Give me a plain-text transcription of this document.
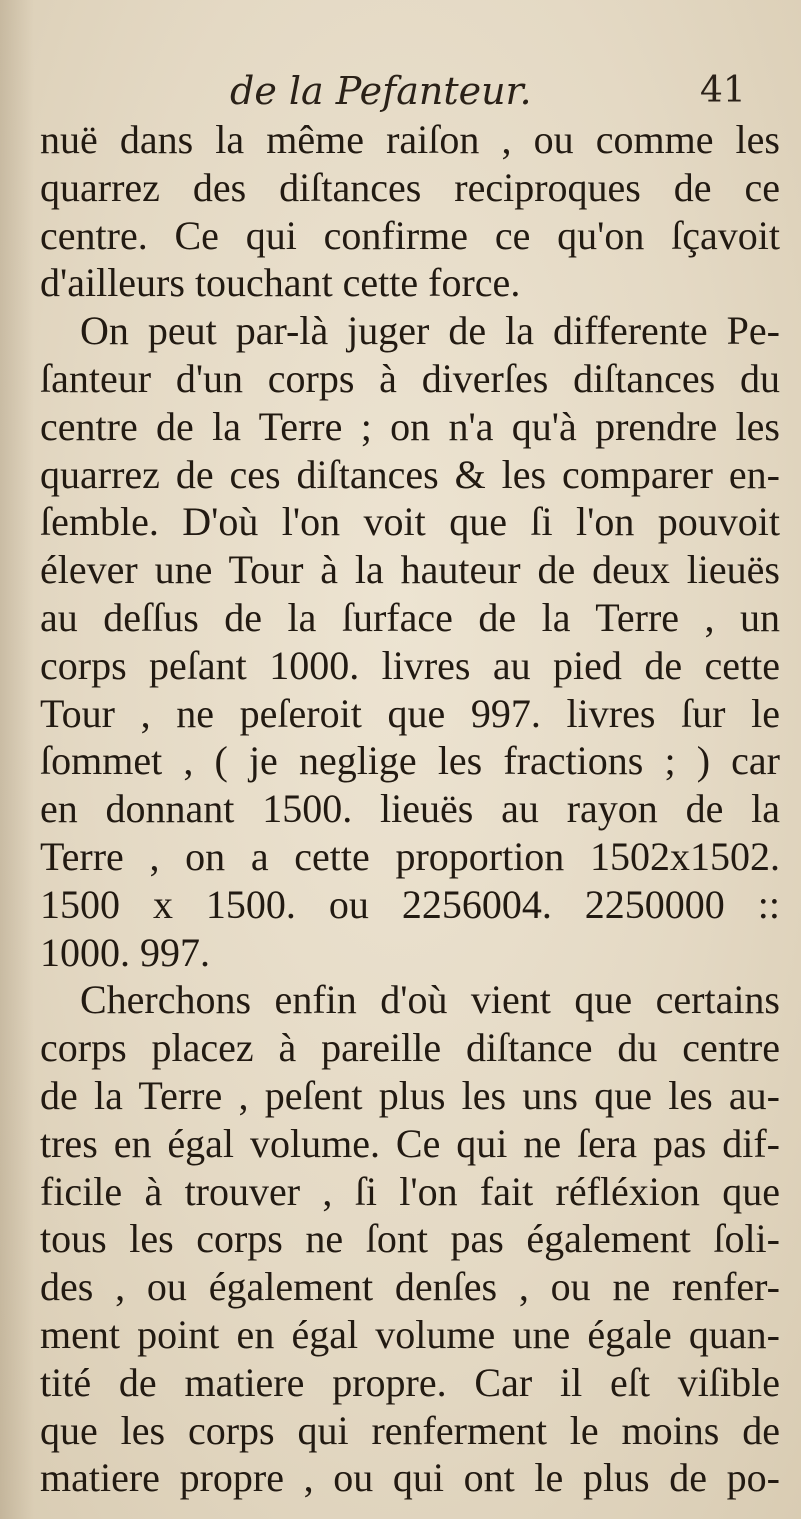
de la Pefanteur.	41
nuë dans la même raiſon , ou comme les
quarrez des diſtances reciproques de ce
centre. Ce qui confirme ce qu'on ſçavoit
d'ailleurs touchant cette force.
On peut par-là juger de la differente Pe-
ſanteur d'un corps à diverſes diſtances du
centre de la Terre ; on n'a qu'à prendre les
quarrez de ces diſtances & les comparer en-
ſemble. D'où l'on voit que ſi l'on pouvoit
élever une Tour à la hauteur de deux lieuës
au deſſus de la ſurface de la Terre , un
corps peſant 1000. livres au pied de cette
Tour , ne peſeroit que 997. livres ſur le
ſommet , ( je neglige les fractions ; ) car
en donnant 1500. lieuës au rayon de la
Terre , on a cette proportion 1502x1502.
1500 x 1500. ou 2256004. 2250000 ::
1000. 997.
Cherchons enfin d'où vient que certains
corps placez à pareille diſtance du centre
de la Terre , peſent plus les uns que les au-
tres en égal volume. Ce qui ne ſera pas dif-
ficile à trouver , ſi l'on fait réfléxion que
tous les corps ne ſont pas également ſoli-
des , ou également denſes , ou ne renfer-
ment point en égal volume une égale quan-
tité de matiere propre. Car il eſt viſible
que les corps qui renferment le moins de
matiere propre , ou qui ont le plus de po-
